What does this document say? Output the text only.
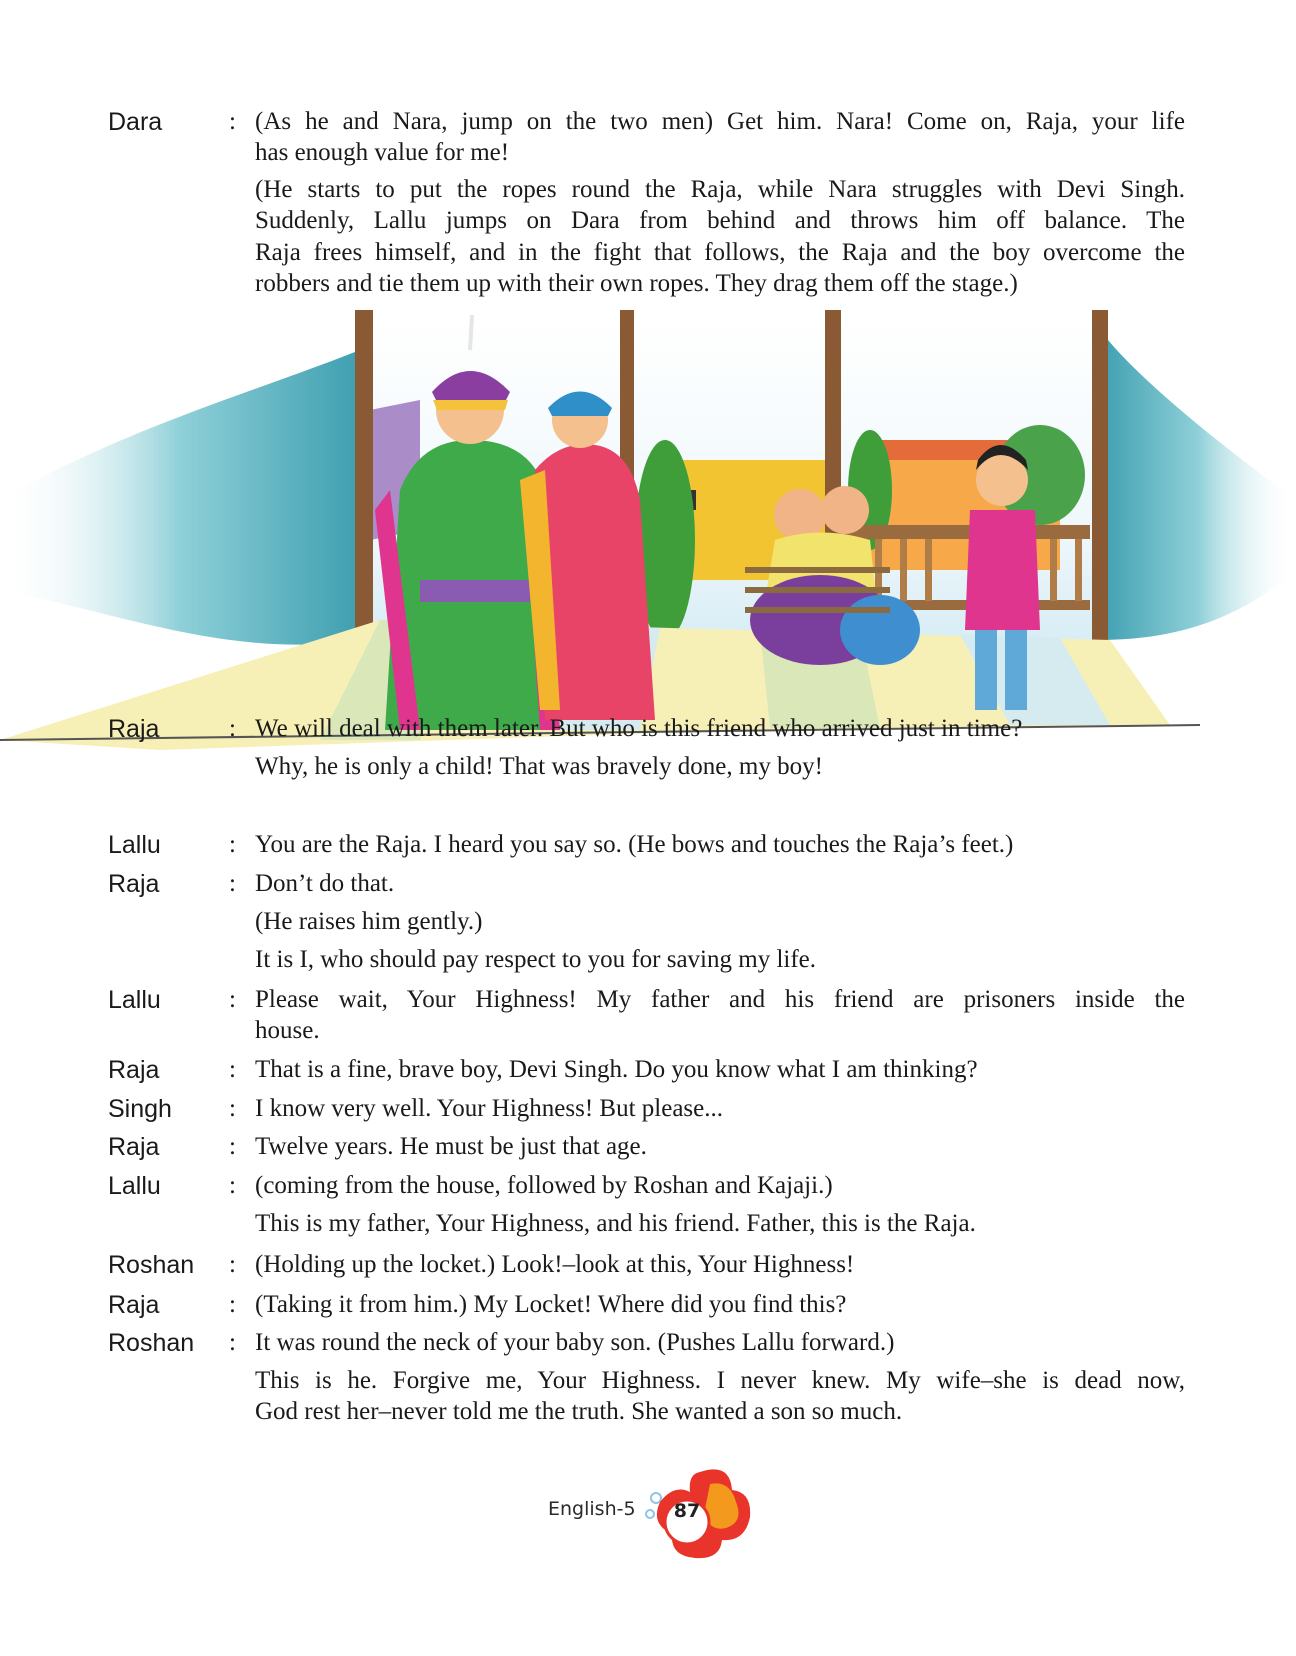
Dara	: (As he and Nara, jump on the two men) Get him. Nara! Come on, Raja, your life
has enough value for me!
(He starts to put the ropes round the Raja, while Nara struggles with Devi Singh.
Suddenly, Lallu jumps on Dara from behind and throws him off balance. The
Raja frees himself, and in the fight that follows, the Raja and the boy overcome the
robbers and tie them up with their own ropes. They drag them off the stage.)
Raja	: We will deal with them later. But who is this friend who arrived just in time?
Why, he is only a child! That was bravely done, my boy!
Lallu	: You are the Raja. I heard you say so. (He bows and touches the Raja’s feet.)
Raja	: Don’t do that.
(He raises him gently.)
It is I, who should pay respect to you for saving my life.
Lallu	: Please wait, Your Highness! My father and his friend are prisoners inside the
house.
Raja	: That is a fine, brave boy, Devi Singh. Do you know what I am thinking?
Singh : I know very well. Your Highness! But please...
Raja	: Twelve years. He must be just that age.
Lallu	: (coming from the house, followed by Roshan and Kajaji.)
This is my father, Your Highness, and his friend. Father, this is the Raja.
Roshan : (Holding up the locket.) Look!–look at this, Your Highness!
Raja	: (Taking it from him.) My Locket! Where did you find this?
Roshan : It was round the neck of your baby son. (Pushes Lallu forward.)
This is he. Forgive me, Your Highness. I never knew. My wife–she is dead now,
God rest her–never told me the truth. She wanted a son so much.
English-5	87
